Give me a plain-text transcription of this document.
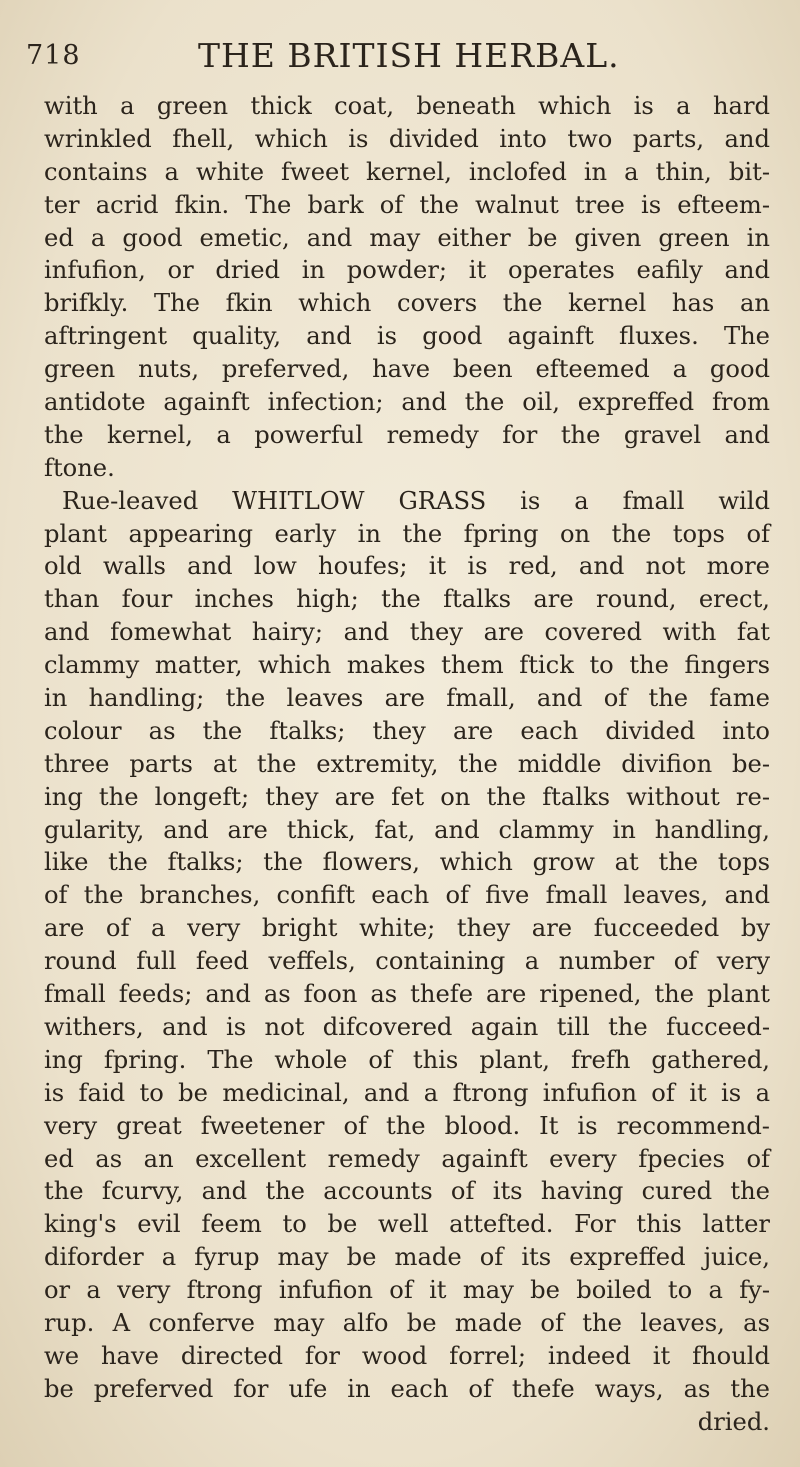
718	THE BRITISH HERBAL.
with a green thick coat, beneath which is a hard
wrinkled fhell, which is divided into two parts, and
contains a white fweet kernel, inclofed in a thin, bit-
ter acrid fkin. The bark of the walnut tree is efteem-
ed a good emetic, and may either be given green in
infufion, or dried in powder; it operates eafily and
brifkly. The fkin which covers the kernel has an
aftringent quality, and is good againft fluxes. The
green nuts, preferved, have been efteemed a good
antidote againft infection; and the oil, expreffed from
the kernel, a powerful remedy for the gravel and
ftone.
Rue-leaved WHITLOW GRASS is a fmall wild
plant appearing early in the fpring on the tops of
old walls and low houfes; it is red, and not more
than four inches high; the ftalks are round, erect,
and fomewhat hairy; and they are covered with fat
clammy matter, which makes them ftick to the fingers
in handling; the leaves are fmall, and of the fame
colour as the ftalks; they are each divided into
three parts at the extremity, the middle divifion be-
ing the longeft; they are fet on the ftalks without re-
gularity, and are thick, fat, and clammy in handling,
like the ftalks; the flowers, which grow at the tops
of the branches, confift each of five fmall leaves, and
are of a very bright white; they are fucceeded by
round full feed veffels, containing a number of very
fmall feeds; and as foon as thefe are ripened, the plant
withers, and is not difcovered again till the fucceed-
ing fpring. The whole of this plant, frefh gathered,
is faid to be medicinal, and a ftrong infufion of it is a
very great fweetener of the blood. It is recommend-
ed as an excellent remedy againft every fpecies of
the fcurvy, and the accounts of its having cured the
king's evil feem to be well attefted. For this latter
diforder a fyrup may be made of its expreffed juice,
or a very ftrong infufion of it may be boiled to a fy-
rup. A conferve may alfo be made of the leaves, as
we have directed for wood forrel; indeed it fhould
be preferved for ufe in each of thefe ways, as the
dried.
